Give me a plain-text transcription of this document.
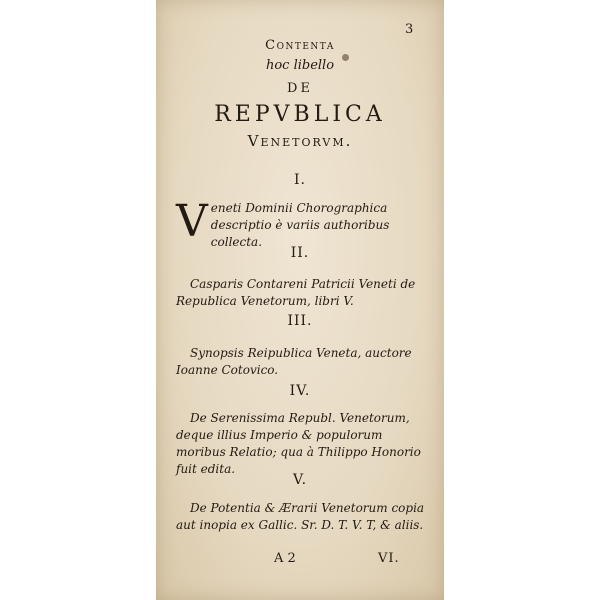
3
Contenta
hoc libello
DE
REPVBLICA
Venetorvm.
I.
V eneti Dominii Chorographica descriptio è variis authoribus collecta.
II.
Casparis Contareni Patricii Veneti de Republica Venetorum, libri V.
III.
Synopsis Reipublica Veneta, auctore Ioanne Cotovico.
IV.
De Serenissima Republ. Venetorum, deque illius Imperio & populorum moribus Relatio; qua à Thilippo Honorio fuit edita.
V.
De Potentia & Ærarii Venetorum copia aut inopia ex Gallic. Sr. D. T. V. T, & aliis.
A 2	VI.
